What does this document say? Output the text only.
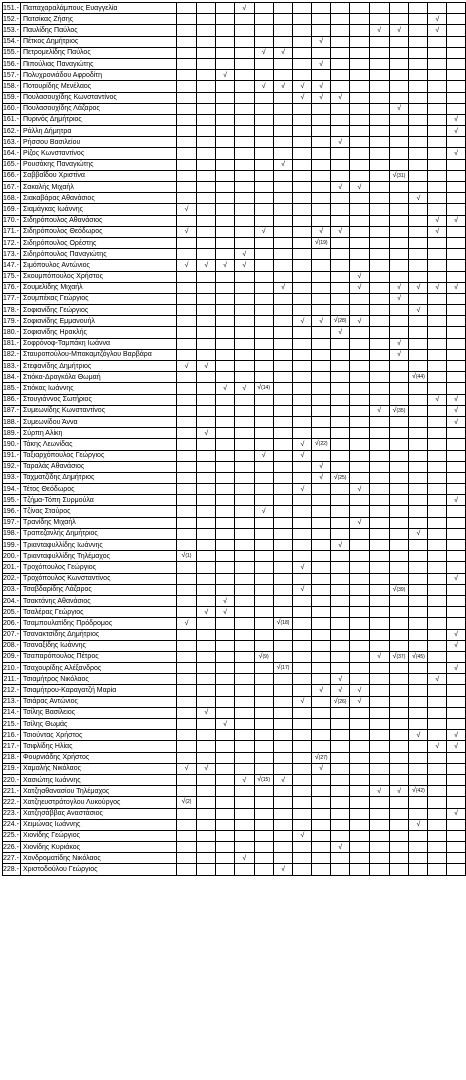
151.-	Παπαχαραλάμπους Ευαγγελία				√											
152.-	Πατσίκας Ζήσης														√	
153.-	Παυλίδης Παύλος											√	√		√	
154.-	Πέτκος Δημήτριος								√							
155.-	Πετρομελίδης Παύλος					√	√									
156.-	Πιπούλιας Παναγιώτης								√							
157.-	Πολυχρονιάδου Αφροδίτη			√												
158.-	Ποτουρίδης Μενέλαος					√	√	√	√							
159.-	Πουλασουχίδης Κωνσταντίνος							√	√	√						
160.-	Πουλασουχίδης Λάζαρος												√			
161.-	Πυρινός Δημήτριος															√
162.-	Ράλλη Δήμητρα															√
163.-	Ρήσσου Βασιλείου									√						
164.-	Ρίζος Κωνσταντίνος															√
165.-	Ρουσάκης Παναγιώτης						√									
166.-	Σαββαΐδου Χριστίνα												√(31)			
167.-	Σακαλής Μιχαήλ									√	√					
168.-	Σιακαβάρας Αθανάσιος													√		
169.-	Σιαμάγκας Ιωάννης	√														
170.-	Σιδηρόπουλος Αθανάσιος														√	√
171.-	Σιδηρόπουλος Θεόδωρος	√				√			√	√					√	
172.-	Σιδηρόπουλος Ορέστης								√(19)							
173.-	Σιδηρόπουλος Παναγιώτης				√											
147.-	Σιμόπουλος Αντώνιος	√	√	√	√											
175.-	Σκουμπόπουλος Χρήστος										√					
176.-	Σουμελίδης Μιχαήλ						√				√		√	√	√	√
177.-	Σουμπέκας Γεώργιος												√			
178.-	Σοφιανίδης Γεώργιος													√		
179.-	Σοφιανίδης Εμμανουήλ							√	√	√(28)	√					
180.-	Σοφιανίδης Ηρακλής									√						
181.-	Σοφρόνοφ-Ταμπάκη Ιωάννα												√			
182.-	Σταυροπούλου-Μπακαμτζόγλου Βαρβάρα												√			
183.-	Στεφανίδης Δημήτριος	√	√													
184.-	Στιόκα-Δραγκόλα Θωμαή													√(44)		
185.-	Στιόκας Ιωάννης			√	√	√(14)										
186.-	Στουγιάννος Σωτήριος														√	√
187.-	Συμεωνίδης Κωνσταντίνος											√	√(35)			√
188.-	Συμεωνίδου Άννα															√
189.-	Σύρπη Αλίκη		√													
190.-	Τάκης Λεωνίδας							√	√(22)							
191.-	Ταξιαρχόπουλος Γεώργιος					√		√								
192.-	Ταραλάς Αθανάσιος								√							
193.-	Ταχματζίδης Δημήτριος								√	√(25)						
194.-	Τέτος Θεόδωρος							√			√					
195.-	Τζήμα-Τόπη Συρμούλα															√
196.-	Τζίνας Σταύρος					√										
197.-	Τρανίδης Μιχαήλ										√					
198.-	Τραπεζανλής Δημήτριος													√		
199.-	Τριανταφυλλίδης Ιωάννης									√						
200.-	Τριανταφυλλίδης Τηλέμαχος	√(1)														
201.-	Τροχόπουλος Γεώργιος							√								
202.-	Τροχόπουλος Κωνσταντίνος															√
203.-	Τσαβδαρίδης Λάζαρος							√					√(39)			
204.-	Τσακτάνης Αθανάσιος			√												
205.-	Τσαλέρας Γεώργιος		√	√												
206.-	Τσαμπουλατίδης Πρόδρομος	√					√(18)									
207.-	Τσανακτσίδης Δημήτριος															√
208.-	Τσαναξίδης Ιωάννης															√
209.-	Τσαπαρόπουλος Πέτρος					√(9)						√	√(37)	√(45)		
210.-	Τσαχουρίδης Αλέξανδρος						√(17)									√
211.-	Τσιαμήτρος Νικόλαος									√					√	
212.-	Τσιαμήτρου-Καραγατζή Μαρία								√	√	√					
213.-	Τσιάρας Αντώνιος							√		√(26)	√					
214.-	Τσίλης Βασίλειος		√													
215.-	Τσίλης Θωμάς			√												
216.-	Τσιούντας Χρήστος													√		√
217.-	Τσιφλίδης Ηλίας														√	√
218.-	Φουρνιάδης Χρήστος								√(27)							
219.-	Χαμαλής Νικόλαος	√	√						√							
220.-	Χασιώτης Ιωάννης				√	√(15)	√									
221.-	Χατζηαθανασίου Τηλέμαχος											√	√	√(42)		
222.-	Χατζηευστράτογλου Λυκούργος	√(2)														
223.-	Χατζησάββας Αναστάσιος															√
224.-	Χειμώνας Ιωάννης													√		
225.-	Χιονίδης Γεώργιος							√								
226.-	Χιονίδης Κυριάκος									√						
227.-	Χονδροματίδης Νικόλαος				√											
228.-	Χριστοδούλου Γεώργιος						√									
